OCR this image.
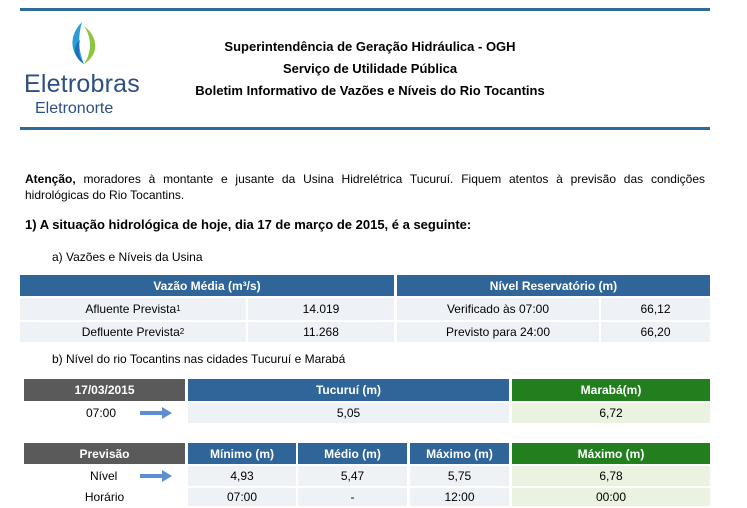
Eletrobras
Eletronorte
Superintendência de Geração Hidráulica - OGH
Serviço de Utilidade Pública
Boletim Informativo de Vazões e Níveis do Rio Tocantins
Atenção, moradores à montante e jusante da Usina Hidrelétrica Tucuruí. Fiquem atentos à previsão das condições hidrológicas do Rio Tocantins.
1) A situação hidrológica de hoje, dia 17 de março de 2015, é a seguinte:
a) Vazões e Níveis da Usina
Vazão Média (m³/s)	Nível Reservatório (m)
Afluente Prevista 1	14.019	Verificado às 07:00	66,12
Defluente Prevista 2	11.268	Previsto para 24:00	66,20
b) Nível do rio Tocantins nas cidades Tucuruí e Marabá
17/03/2015	Tucuruí (m)	Marabá(m)
07:00	5,05	6,72
Previsão	Mínimo (m)	Médio (m)	Máximo (m)	Máximo (m)
Nível	4,93	5,47	5,75	6,78
Horário	07:00	-	12:00	00:00
